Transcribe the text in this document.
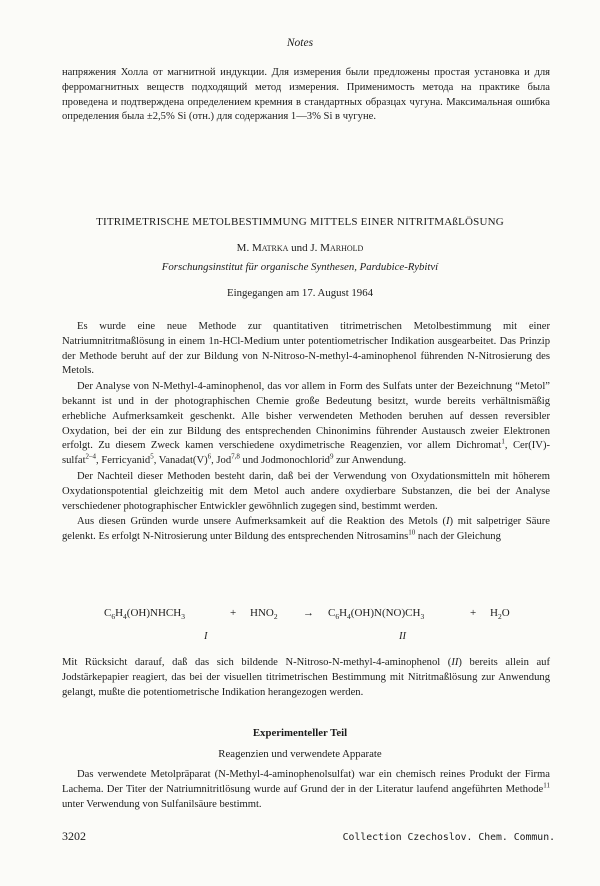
Notes

напряжения Холла от магнитной индукции. Для измерения были предложены простая установка и для ферромагнитных веществ подходящий метод измерения. Применимость метода на практике была проведена и подтверждена определением кремния в стандартных образцах чугуна. Максимальная ошибка определения была ±2,5% Si (отн.) для содержания 1—3% Si в чугуне.

TITRIMETRISCHE METOLBESTIMMUNG MITTELS EINER NITRITMAßLÖSUNG
M. Matrka und J. Marhold
Forschungsinstitut für organische Synthesen, Pardubice-Rybitví
Eingegangen am 17. August 1964

Es wurde eine neue Methode zur quantitativen titrimetrischen Metolbestimmung mit einer Natriumnitritmaßlösung in einem 1n-HCl-Medium unter potentiometrischer Indikation ausgearbeitet. Das Prinzip der Methode beruht auf der zur Bildung von N-Nitroso-N-methyl-4-aminophenol führenden N-Nitrosierung des Metols.

Der Analyse von N-Methyl-4-aminophenol, das vor allem in Form des Sulfats unter der Bezeichnung “Metol” bekannt ist und in der photographischen Chemie große Bedeutung besitzt, wurde bereits verhältnismäßig erhebliche Aufmerksamkeit geschenkt. Alle bisher verwendeten Methoden beruhen auf dessen reversibler Oxydation, bei der ein zur Bildung des entsprechenden Chinonimins führender Austausch zweier Elektronen erfolgt. Zu diesem Zweck kamen verschiedene oxydimetrische Reagenzien, vor allem Dichromat$^1$, Cer(IV)-sulfat$^{2-4}$, Ferricyanid$^5$, $Vanadat(V)^6$, Jod$^{7,8}$ und Jodmonochlorid$^9$ zur Anwendung.

Der Nachteil dieser Methoden besteht darin, daß bei der Verwendung von Oxydationsmitteln mit höherem Oxydationspotential gleichzeitig mit dem Metol auch andere oxydierbare Substanzen, die bei der Analyse verschiedener photographischer Entwickler gewöhnlich zugegen sind, bestimmt werden.

Aus diesen Gründen wurde unsere Aufmerksamkeit auf die Reaktion des Metols (I) mit salpetriger Säure gelenkt. Es erfolgt N-Nitrosierung unter Bildung des entsprechenden Nitrosamins$^{10}$ nach der Gleichung

$C_6H_4(OH)NHCH_3$	+ $HNO_2 \to C_6H_4(OH)N(NO)CH_3$	+ $H_2O$
I	II

Mit Rücksicht darauf, daß das sich bildende N-Nitroso-N-methyl-4-aminophenol (II) bereits allein auf Jodstärkepapier reagiert, das bei der visuellen titrimetrischen Bestimmung mit Nitritmaßlösung zur Anwendung gelangt, mußte die potentiometrische Indikation herangezogen werden.

Experimenteller Teil
Reagenzien und verwendete Apparate

Das verwendete Metolpräparat (N-Methyl-4-aminophenolsulfat) war ein chemisch reines Produkt der Firma Lachema. Der Titer der Natriumnitritlösung wurde auf Grund der in der Literatur laufend angeführten Methode$^{11}$ unter Verwendung von Sulfanilsäure bestimmt.

3202	Collection Czechoslov. Chem. Commun.
